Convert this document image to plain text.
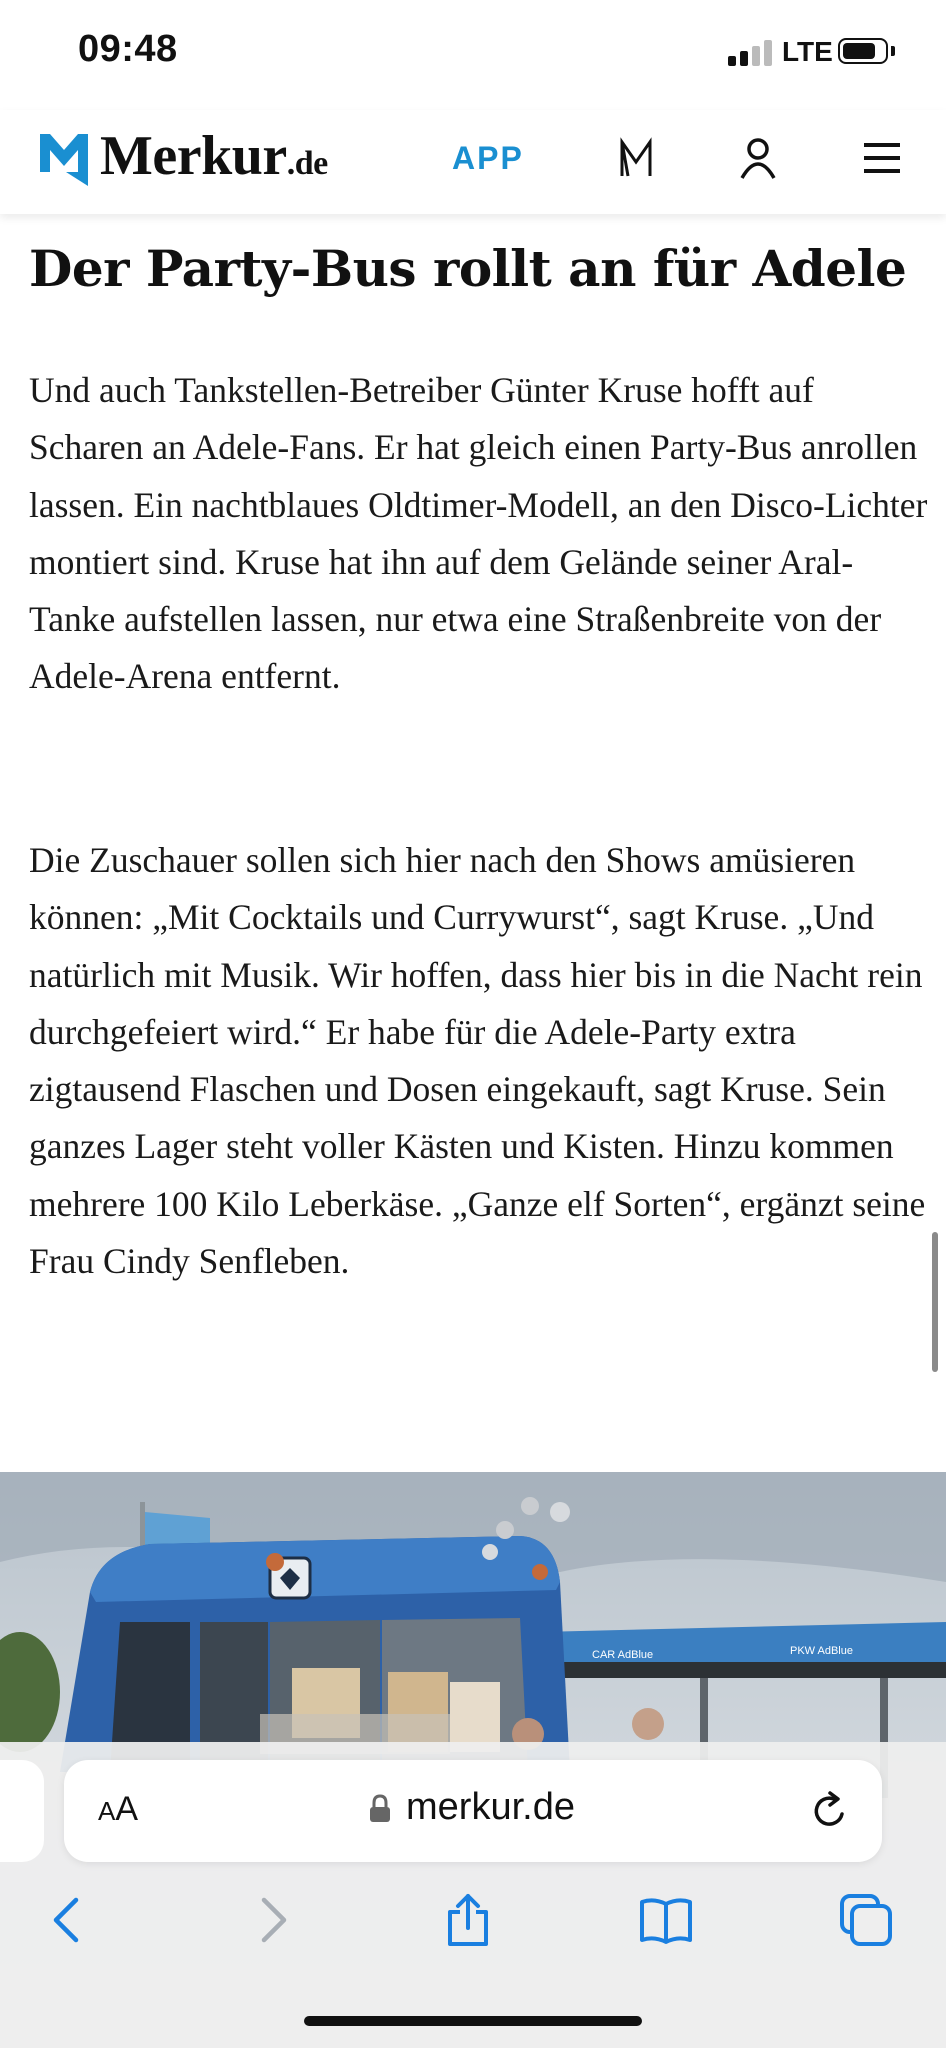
09:48	LTE
Merkur.de	APP
Der Party-Bus rollt an für Adele

Und auch Tankstellen-Betreiber Günter Kruse hofft auf Scharen an Adele-Fans. Er hat gleich einen Party-Bus anrollen lassen. Ein nachtblaues Oldtimer-Modell, an den Disco-Lichter montiert sind. Kruse hat ihn auf dem Gelände seiner Aral-Tanke aufstellen lassen, nur etwa eine Straßenbreite von der Adele-Arena entfernt.

Die Zuschauer sollen sich hier nach den Shows amüsieren können: „Mit Cocktails und Currywurst“, sagt Kruse. „Und natürlich mit Musik. Wir hoffen, dass hier bis in die Nacht rein durchgefeiert wird.“ Er habe für die Adele-Party extra zigtausend Flaschen und Dosen eingekauft, sagt Kruse. Sein ganzes Lager steht voller Kästen und Kisten. Hinzu kommen mehrere 100 Kilo Leberkäse. „Ganze elf Sorten“, ergänzt seine Frau Cindy Senfleben.

CAR AdBlue	PKW AdBlue
AA	merkur.de
